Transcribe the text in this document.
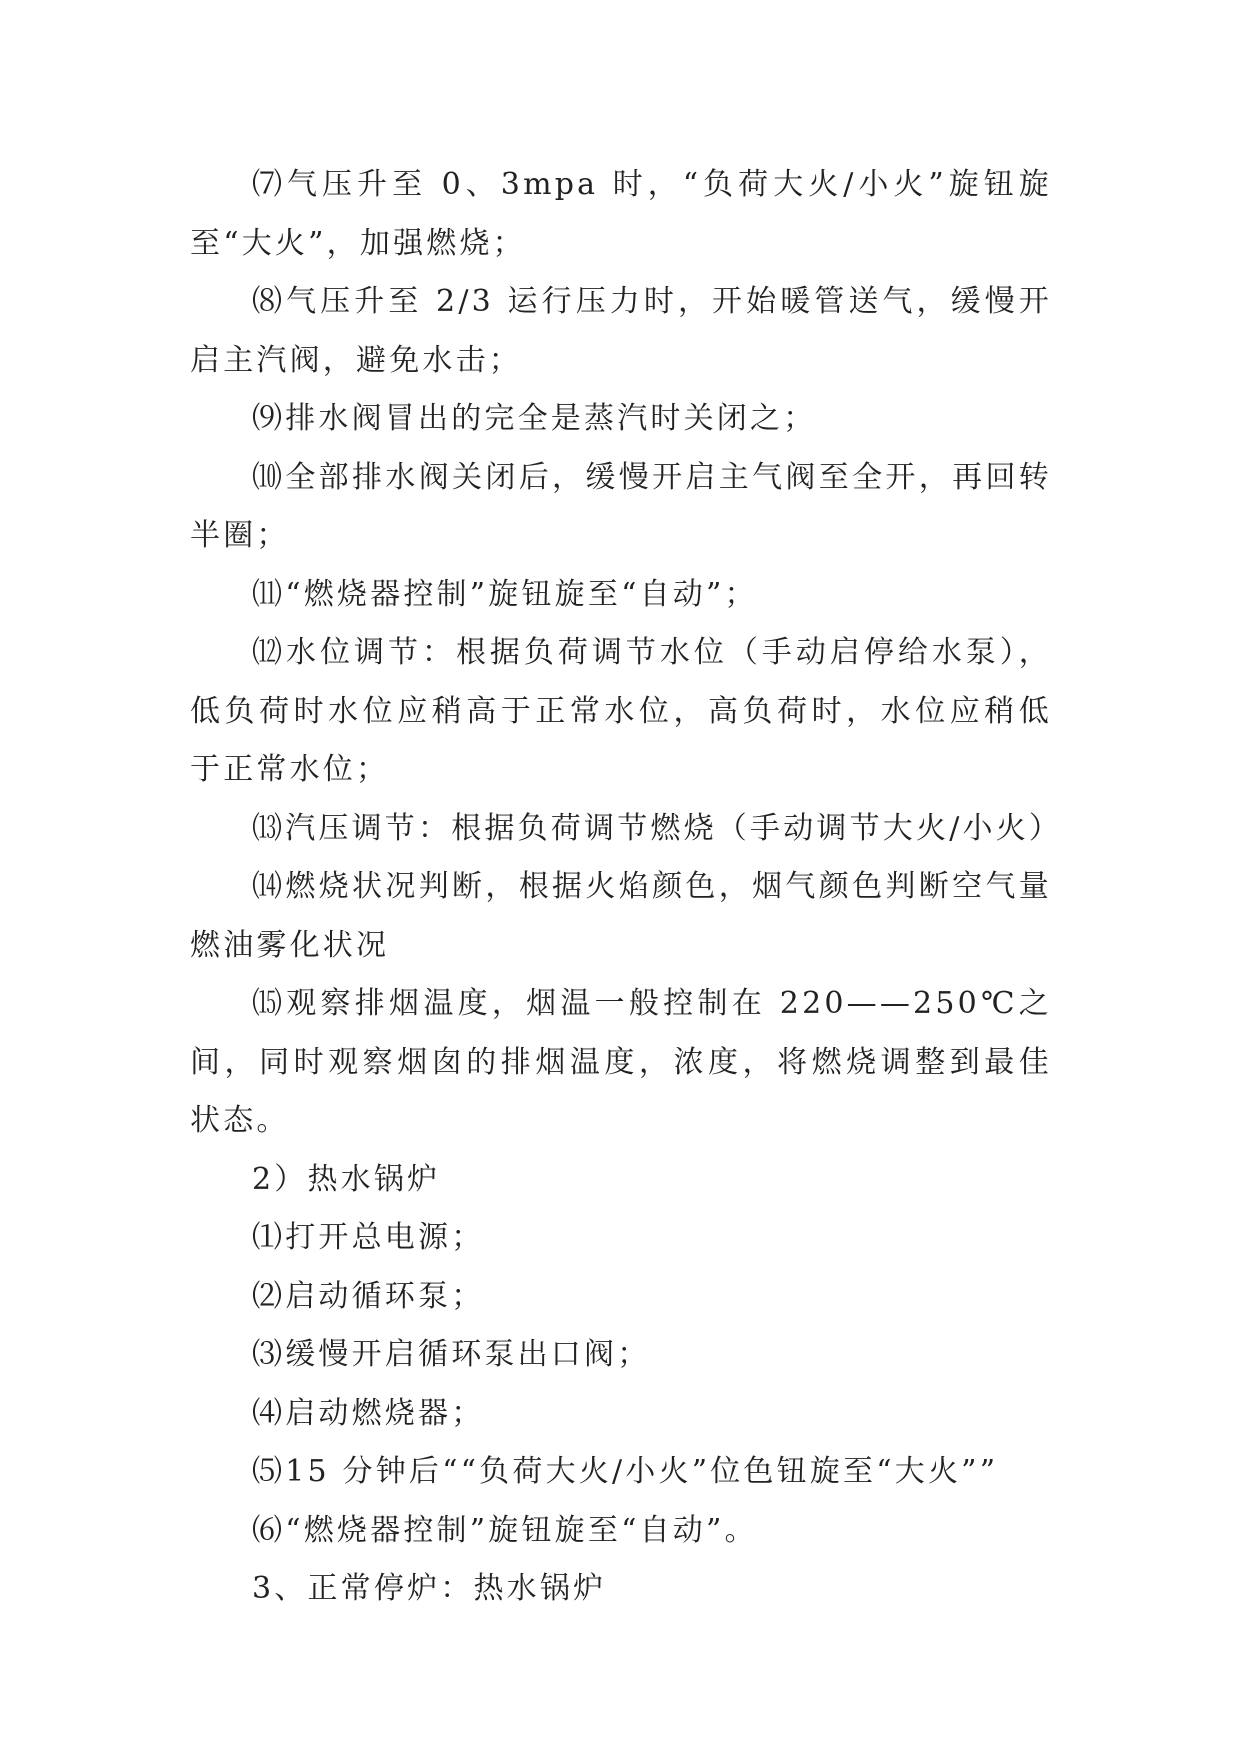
⑺气压升至 0、3mpa 时，“负荷大火/小火”旋钮旋至“大火”，加强燃烧；

⑻气压升至 2/3 运行压力时，开始暖管送气，缓慢开启主汽阀，避免水击；

⑼排水阀冒出的完全是蒸汽时关闭之；

⑽全部排水阀关闭后，缓慢开启主气阀至全开，再回转半圈；

⑾“燃烧器控制”旋钮旋至“自动”；

⑿水位调节：根据负荷调节水位（手动启停给水泵），低负荷时水位应稍高于正常水位，高负荷时，水位应稍低于正常水位；

⒀汽压调节：根据负荷调节燃烧（手动调节大火/小火）

⒁燃烧状况判断，根据火焰颜色，烟气颜色判断空气量燃油雾化状况

⒂观察排烟温度，烟温一般控制在 220——250℃之间，同时观察烟囱的排烟温度，浓度，将燃烧调整到最佳状态。

2）热水锅炉

⑴打开总电源；

⑵启动循环泵；

⑶缓慢开启循环泵出口阀；

⑷启动燃烧器；

⑸15 分钟后““负荷大火/小火”位色钮旋至“大火””

⑹“燃烧器控制”旋钮旋至“自动”。

3、正常停炉：热水锅炉
